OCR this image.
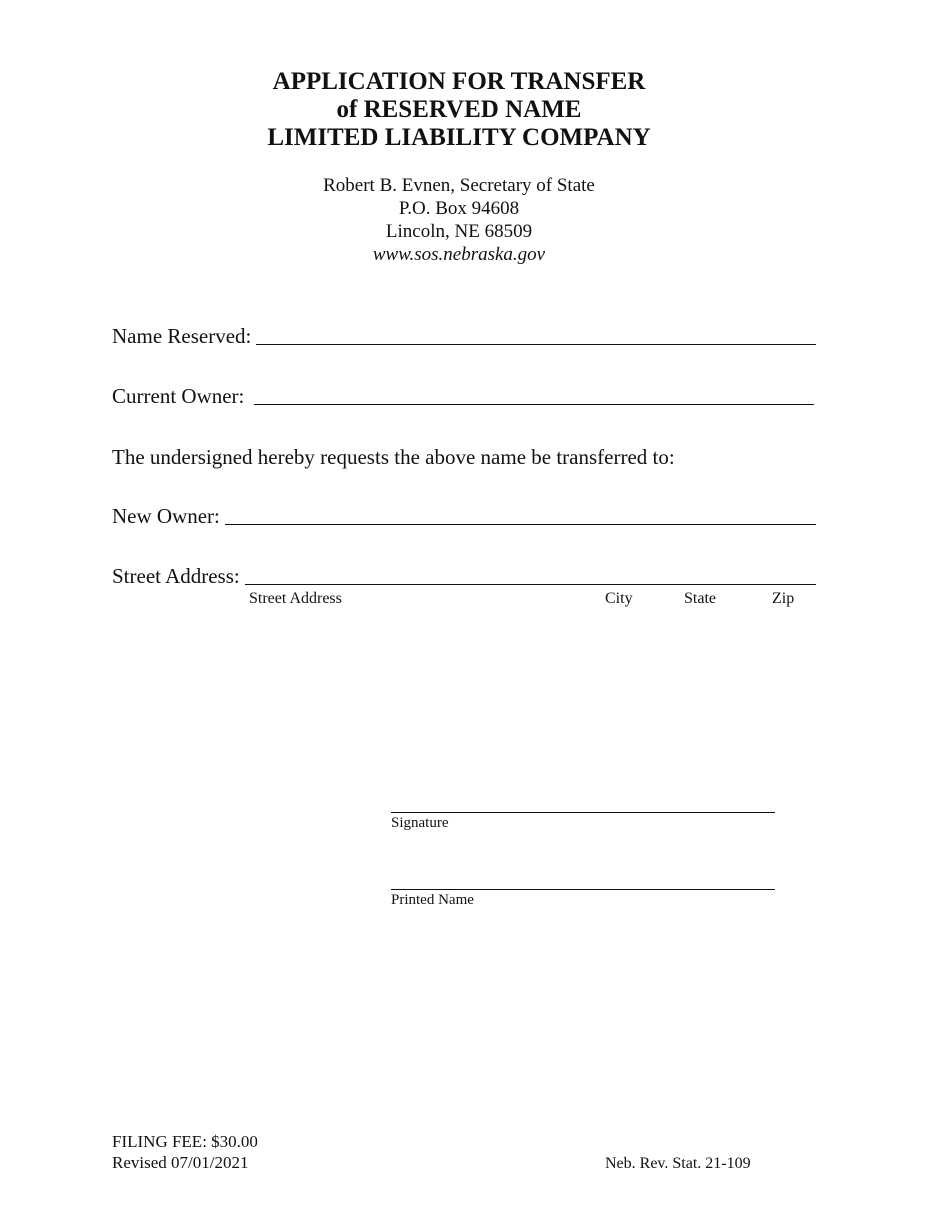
APPLICATION FOR TRANSFER
of RESERVED NAME
LIMITED LIABILITY COMPANY
Robert B. Evnen, Secretary of State
P.O. Box 94608
Lincoln, NE 68509
www.sos.nebraska.gov
Name Reserved:
Current Owner:
The undersigned hereby requests the above name be transferred to:
New Owner:
Street Address:
Street Address	City	State	Zip
Signature
Printed Name
FILING FEE: $30.00
Revised 07/01/2021	Neb. Rev. Stat. 21-109
